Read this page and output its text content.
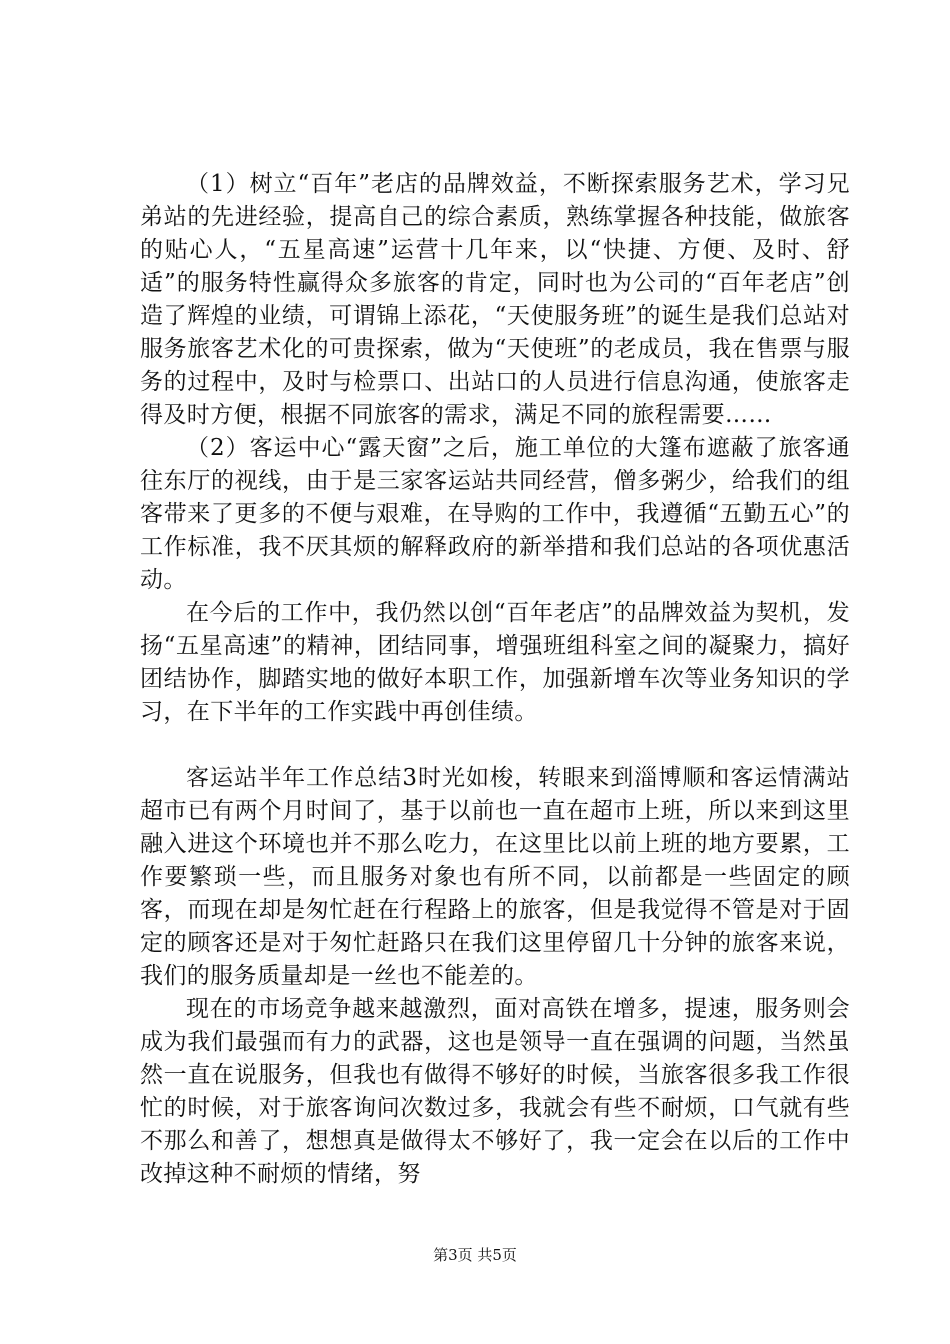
（1）树立“百年”老店的品牌效益，不断探索服务艺术，学习兄弟站的先进经验，提高自己的综合素质，熟练掌握各种技能，做旅客的贴心人，“五星高速”运营十几年来，以“快捷、方便、及时、舒适”的服务特性赢得众多旅客的肯定，同时也为公司的“百年老店”创造了辉煌的业绩，可谓锦上添花，“天使服务班”的诞生是我们总站对服务旅客艺术化的可贵探索，做为“天使班”的老成员，我在售票与服务的过程中，及时与检票口、出站口的人员进行信息沟通，使旅客走得及时方便，根据不同旅客的需求，满足不同的旅程需要……

（2）客运中心“露天窗”之后，施工单位的大篷布遮蔽了旅客通往东厅的视线，由于是三家客运站共同经营，僧多粥少，给我们的组客带来了更多的不便与艰难，在导购的工作中，我遵循“五勤五心”的工作标准，我不厌其烦的解释政府的新举措和我们总站的各项优惠活动。

在今后的工作中，我仍然以创“百年老店”的品牌效益为契机，发扬“五星高速”的精神，团结同事，增强班组科室之间的凝聚力，搞好团结协作，脚踏实地的做好本职工作，加强新增车次等业务知识的学习，在下半年的工作实践中再创佳绩。

客运站半年工作总结3时光如梭，转眼来到淄博顺和客运情满站超市已有两个月时间了，基于以前也一直在超市上班，所以来到这里融入进这个环境也并不那么吃力，在这里比以前上班的地方要累，工作要繁琐一些，而且服务对象也有所不同，以前都是一些固定的顾客，而现在却是匆忙赶在行程路上的旅客，但是我觉得不管是对于固定的顾客还是对于匆忙赶路只在我们这里停留几十分钟的旅客来说，我们的服务质量却是一丝也不能差的。

现在的市场竞争越来越激烈，面对高铁在增多，提速，服务则会成为我们最强而有力的武器，这也是领导一直在强调的问题，当然虽然一直在说服务，但我也有做得不够好的时候，当旅客很多我工作很忙的时候，对于旅客询问次数过多，我就会有些不耐烦，口气就有些不那么和善了，想想真是做得太不够好了，我一定会在以后的工作中改掉这种不耐烦的情绪，努

第3页 共5页
